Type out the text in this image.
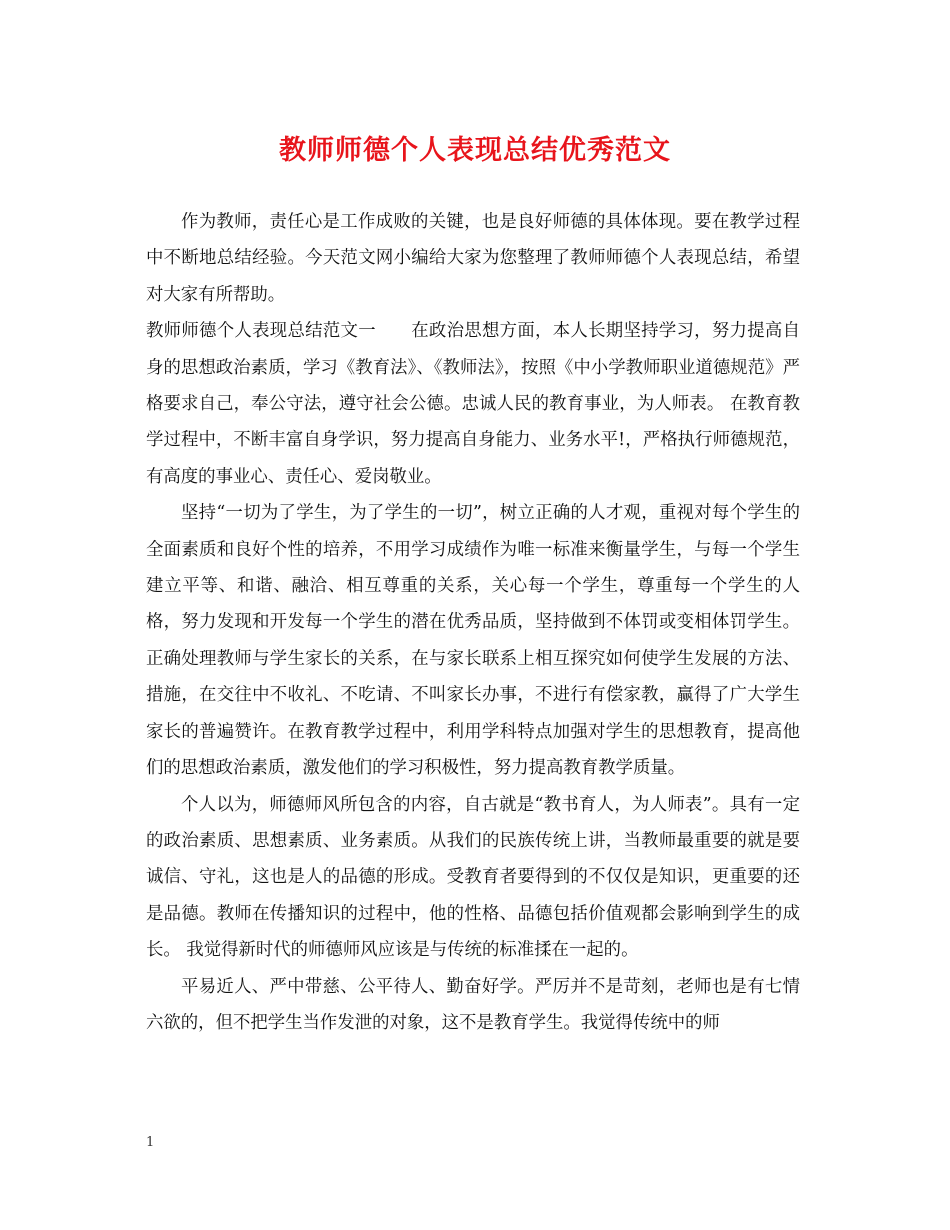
教师师德个人表现总结优秀范文

作为教师，责任心是工作成败的关键，也是良好师德的具体体现。要在教学过程中不断地总结经验。今天范文网小编给大家为您整理了教师师德个人表现总结，希望对大家有所帮助。

教师师德个人表现总结范文一　　在政治思想方面，本人长期坚持学习，努力提高自身的思想政治素质，学习《教育法》、《教师法》，按照《中小学教师职业道德规范》严格要求自己，奉公守法，遵守社会公德。忠诚人民的教育事业，为人师表。 在教育教学过程中，不断丰富自身学识，努力提高自身能力、业务水平!，严格执行师德规范，有高度的事业心、责任心、爱岗敬业。

坚持“一切为了学生，为了学生的一切”，树立正确的人才观，重视对每个学生的全面素质和良好个性的培养，不用学习成绩作为唯一标准来衡量学生，与每一个学生建立平等、和谐、融洽、相互尊重的关系，关心每一个学生，尊重每一个学生的人格，努力发现和开发每一个学生的潜在优秀品质，坚持做到不体罚或变相体罚学生。正确处理教师与学生家长的关系，在与家长联系上相互探究如何使学生发展的方法、措施，在交往中不收礼、不吃请、不叫家长办事，不进行有偿家教，赢得了广大学生家长的普遍赞许。在教育教学过程中，利用学科特点加强对学生的思想教育，提高他们的思想政治素质，激发他们的学习积极性，努力提高教育教学质量。

个人以为，师德师风所包含的内容，自古就是“教书育人，为人师表”。具有一定的政治素质、思想素质、业务素质。从我们的民族传统上讲，当教师最重要的就是要诚信、守礼，这也是人的品德的形成。受教育者要得到的不仅仅是知识，更重要的还是品德。教师在传播知识的过程中，他的性格、品德包括价值观都会影响到学生的成长。 我觉得新时代的师德师风应该是与传统的标准揉在一起的。

平易近人、严中带慈、公平待人、勤奋好学。严厉并不是苛刻，老师也是有七情六欲的，但不把学生当作发泄的对象，这不是教育学生。我觉得传统中的师

1
